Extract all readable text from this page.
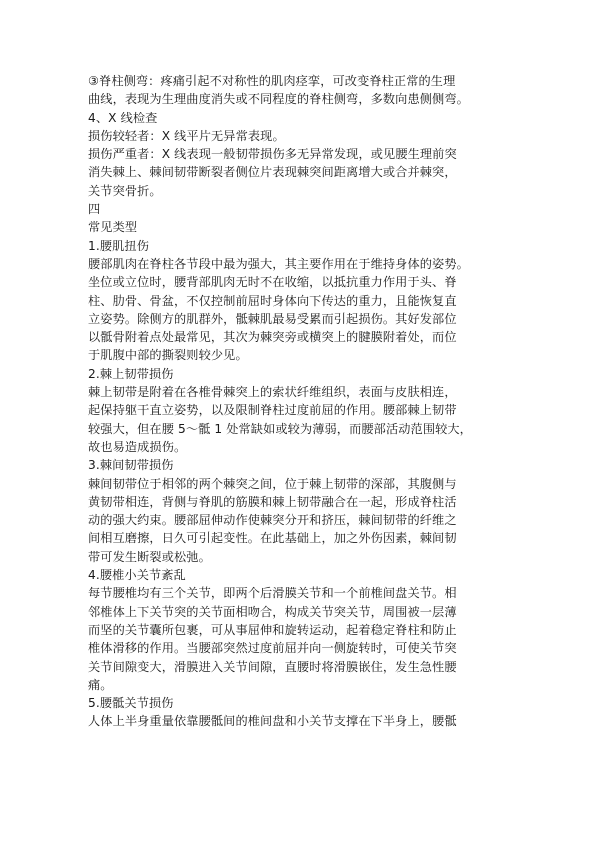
③脊柱侧弯：疼痛引起不对称性的肌肉痉挛，可改变脊柱正常的生理
曲线，表现为生理曲度消失或不同程度的脊柱侧弯，多数向患侧侧弯。
4、X 线检查
损伤较轻者：X 线平片无异常表现。
损伤严重者：X 线表现一般韧带损伤多无异常发现，或见腰生理前突
消失棘上、棘间韧带断裂者侧位片表现棘突间距离增大或合并棘突，
关节突骨折。
四
常见类型
1.腰肌扭伤
腰部肌肉在脊柱各节段中最为强大，其主要作用在于维持身体的姿势。
坐位或立位时，腰背部肌肉无时不在收缩，以抵抗重力作用于头、脊
柱、肋骨、骨盆，不仅控制前屈时身体向下传达的重力，且能恢复直
立姿势。除侧方的肌群外，骶棘肌最易受累而引起损伤。其好发部位
以骶骨附着点处最常见，其次为棘突旁或横突上的腱膜附着处，而位
于肌腹中部的撕裂则较少见。
2.棘上韧带损伤
棘上韧带是附着在各椎骨棘突上的索状纤维组织，表面与皮肤相连，
起保持躯干直立姿势，以及限制脊柱过度前屈的作用。腰部棘上韧带
较强大，但在腰 5～骶 1 处常缺如或较为薄弱，而腰部活动范围较大，
故也易造成损伤。
3.棘间韧带损伤
棘间韧带位于相邻的两个棘突之间，位于棘上韧带的深部，其腹侧与
黄韧带相连，背侧与脊肌的筋膜和棘上韧带融合在一起，形成脊柱活
动的强大约束。腰部屈伸动作使棘突分开和挤压，棘间韧带的纤维之
间相互磨擦，日久可引起变性。在此基础上，加之外伤因素，棘间韧
带可发生断裂或松弛。
4.腰椎小关节紊乱
每节腰椎均有三个关节，即两个后滑膜关节和一个前椎间盘关节。相
邻椎体上下关节突的关节面相吻合，构成关节突关节，周围被一层薄
而坚的关节囊所包裹，可从事屈伸和旋转运动，起着稳定脊柱和防止
椎体滑移的作用。当腰部突然过度前屈并向一侧旋转时，可使关节突
关节间隙变大，滑膜进入关节间隙，直腰时将滑膜嵌住，发生急性腰
痛。
5.腰骶关节损伤
人体上半身重量依靠腰骶间的椎间盘和小关节支撑在下半身上，腰骶
